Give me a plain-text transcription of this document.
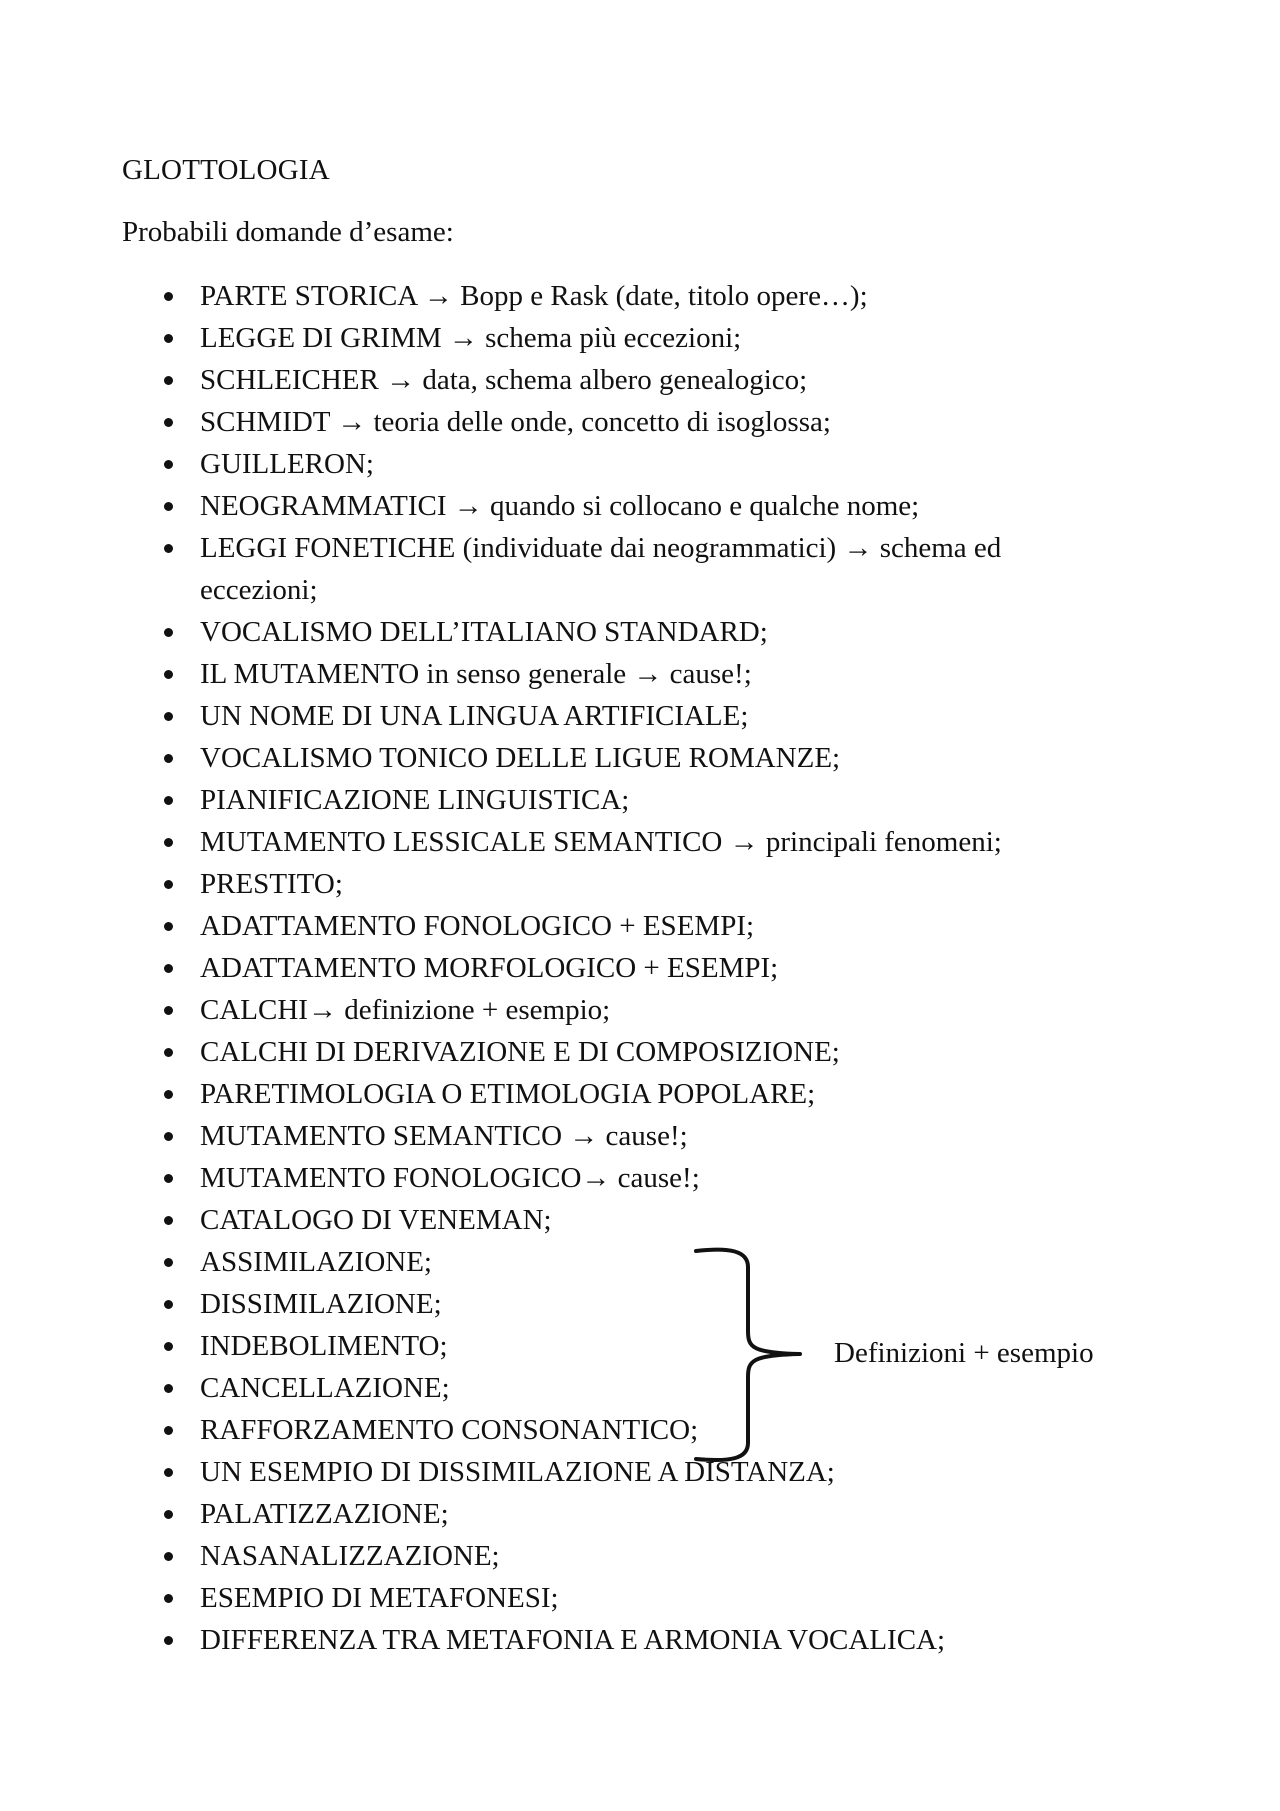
GLOTTOLOGIA

Probabili domande d’esame:

PARTE STORICA → Bopp e Rask (date, titolo opere…);
LEGGE DI GRIMM → schema più eccezioni;
SCHLEICHER → data, schema albero genealogico;
SCHMIDT → teoria delle onde, concetto di isoglossa;
GUILLERON;
NEOGRAMMATICI → quando si collocano e qualche nome;
LEGGI FONETICHE (individuate dai neogrammatici) → schema ed eccezioni;
VOCALISMO DELL’ITALIANO STANDARD;
IL MUTAMENTO in senso generale → cause!;
UN NOME DI UNA LINGUA ARTIFICIALE;
VOCALISMO TONICO DELLE LIGUE ROMANZE;
PIANIFICAZIONE LINGUISTICA;
MUTAMENTO LESSICALE SEMANTICO → principali fenomeni;
PRESTITO;
ADATTAMENTO FONOLOGICO + ESEMPI;
ADATTAMENTO MORFOLOGICO + ESEMPI;
CALCHI→ definizione + esempio;
CALCHI DI DERIVAZIONE E DI COMPOSIZIONE;
PARETIMOLOGIA O ETIMOLOGIA POPOLARE;
MUTAMENTO SEMANTICO → cause!;
MUTAMENTO FONOLOGICO→ cause!;
CATALOGO DI VENEMAN;
ASSIMILAZIONE;
DISSIMILAZIONE;
INDEBOLIMENTO;
CANCELLAZIONE;
RAFFORZAMENTO CONSONANTICO;
UN ESEMPIO DI DISSIMILAZIONE A DISTANZA;
PALATIZZAZIONE;
NASANALIZZAZIONE;
ESEMPIO DI METAFONESI;
DIFFERENZA TRA METAFONIA E ARMONIA VOCALICA;

Definizioni + esempio
